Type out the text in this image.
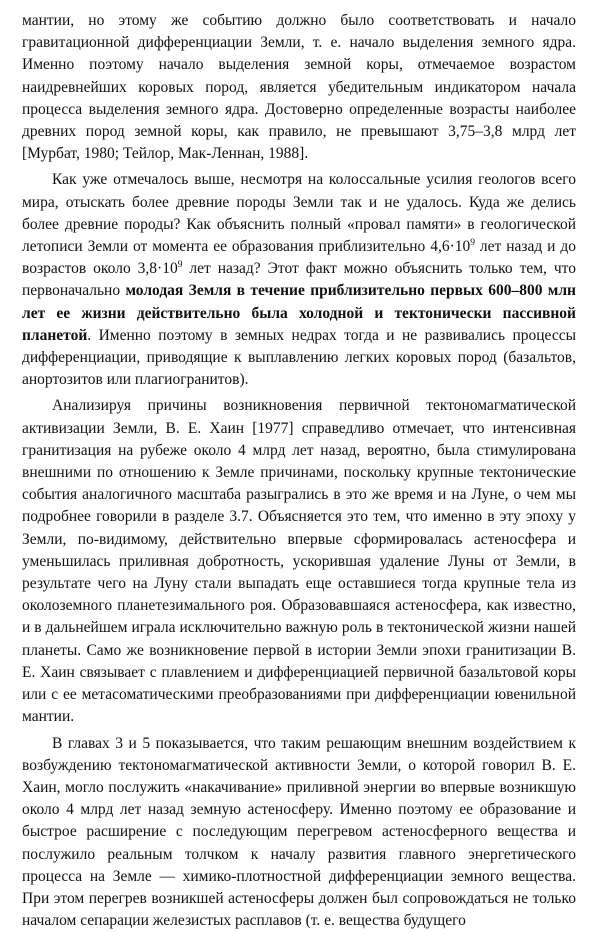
мантии, но этому же событию должно было соответствовать и начало гравитационной дифференциации Земли, т. е. начало выделения земного ядра. Именно поэтому начало выделения земной коры, отмечаемое возрастом наидревнейших коровых пород, является убедительным индикатором начала процесса выделения земного ядра. Достоверно определенные возрасты наиболее древних пород земной коры, как правило, не превышают 3,75–3,8 млрд лет [Мурбат, 1980; Тейлор, Мак-Леннан, 1988].

Как уже отмечалось выше, несмотря на колоссальные усилия геологов всего мира, отыскать более древние породы Земли так и не удалось. Куда же делись более древние породы? Как объяснить полный «провал памяти» в геологической летописи Земли от момента ее образования приблизительно $4,6\cdot 10^9$ лет назад и до возрастов около $3,8\cdot 10^9$ лет назад? Этот факт можно объяснить только тем, что первоначально молодая Земля в течение приблизительно первых 600–800 млн лет ее жизни действительно была холодной и тектонически пассивной планетой. Именно поэтому в земных недрах тогда и не развивались процессы дифференциации, приводящие к выплавлению легких коровых пород (базальтов, анортозитов или плагиогранитов).

Анализируя причины возникновения первичной тектономагматической активизации Земли, В. Е. Хаин [1977] справедливо отмечает, что интенсивная гранитизация на рубеже около 4 млрд лет назад, вероятно, была стимулирована внешними по отношению к Земле причинами, поскольку крупные тектонические события аналогичного масштаба разыгрались в это же время и на Луне, о чем мы подробнее говорили в разделе 3.7. Объясняется это тем, что именно в эту эпоху у Земли, по-видимому, действительно впервые сформировалась астеносфера и уменьшилась приливная добротность, ускорившая удаление Луны от Земли, в результате чего на Луну стали выпадать еще оставшиеся тогда крупные тела из околоземного планетезимального роя. Образовавшаяся астеносфера, как известно, и в дальнейшем играла исключительно важную роль в тектонической жизни нашей планеты. Само же возникновение первой в истории Земли эпохи гранитизации В. Е. Хаин связывает с плавлением и дифференциацией первичной базальтовой коры или с ее метасоматическими преобразованиями при дифференциации ювенильной мантии.

В главах 3 и 5 показывается, что таким решающим внешним воздействием к возбуждению тектономагматической активности Земли, о которой говорил В. Е. Хаин, могло послужить «накачивание» приливной энергии во впервые возникшую около 4 млрд лет назад земную астеносферу. Именно поэтому ее образование и быстрое расширение с последующим перегревом астеносферного вещества и послужило реальным толчком к началу развития главного энергетического процесса на Земле — химико-плотностной дифференциации земного вещества. При этом перегрев возникшей астеносферы должен был сопровождаться не только началом сепарации железистых расплавов (т. е. вещества будущего
